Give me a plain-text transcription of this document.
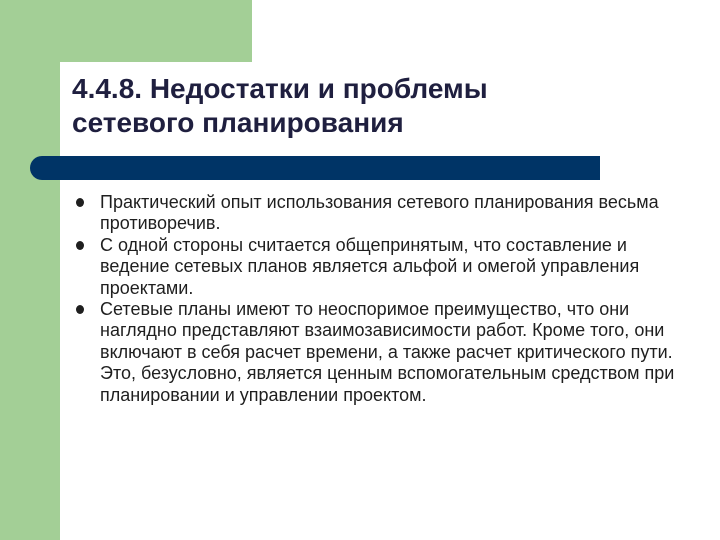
4.4.8. Недостатки и проблемы
сетевого планирования
Практический опыт использования сетевого планирования весьма противоречив.
С одной стороны считается общепринятым, что составление и ведение сетевых планов является альфой и омегой управления проектами.
Сетевые планы имеют то неоспоримое преимущество, что они наглядно представляют взаимозависимости работ. Кроме того, они включают в себя расчет времени, а также расчет критического пути. Это, безусловно, является ценным вспомогательным средством при планировании и управлении проектом.
